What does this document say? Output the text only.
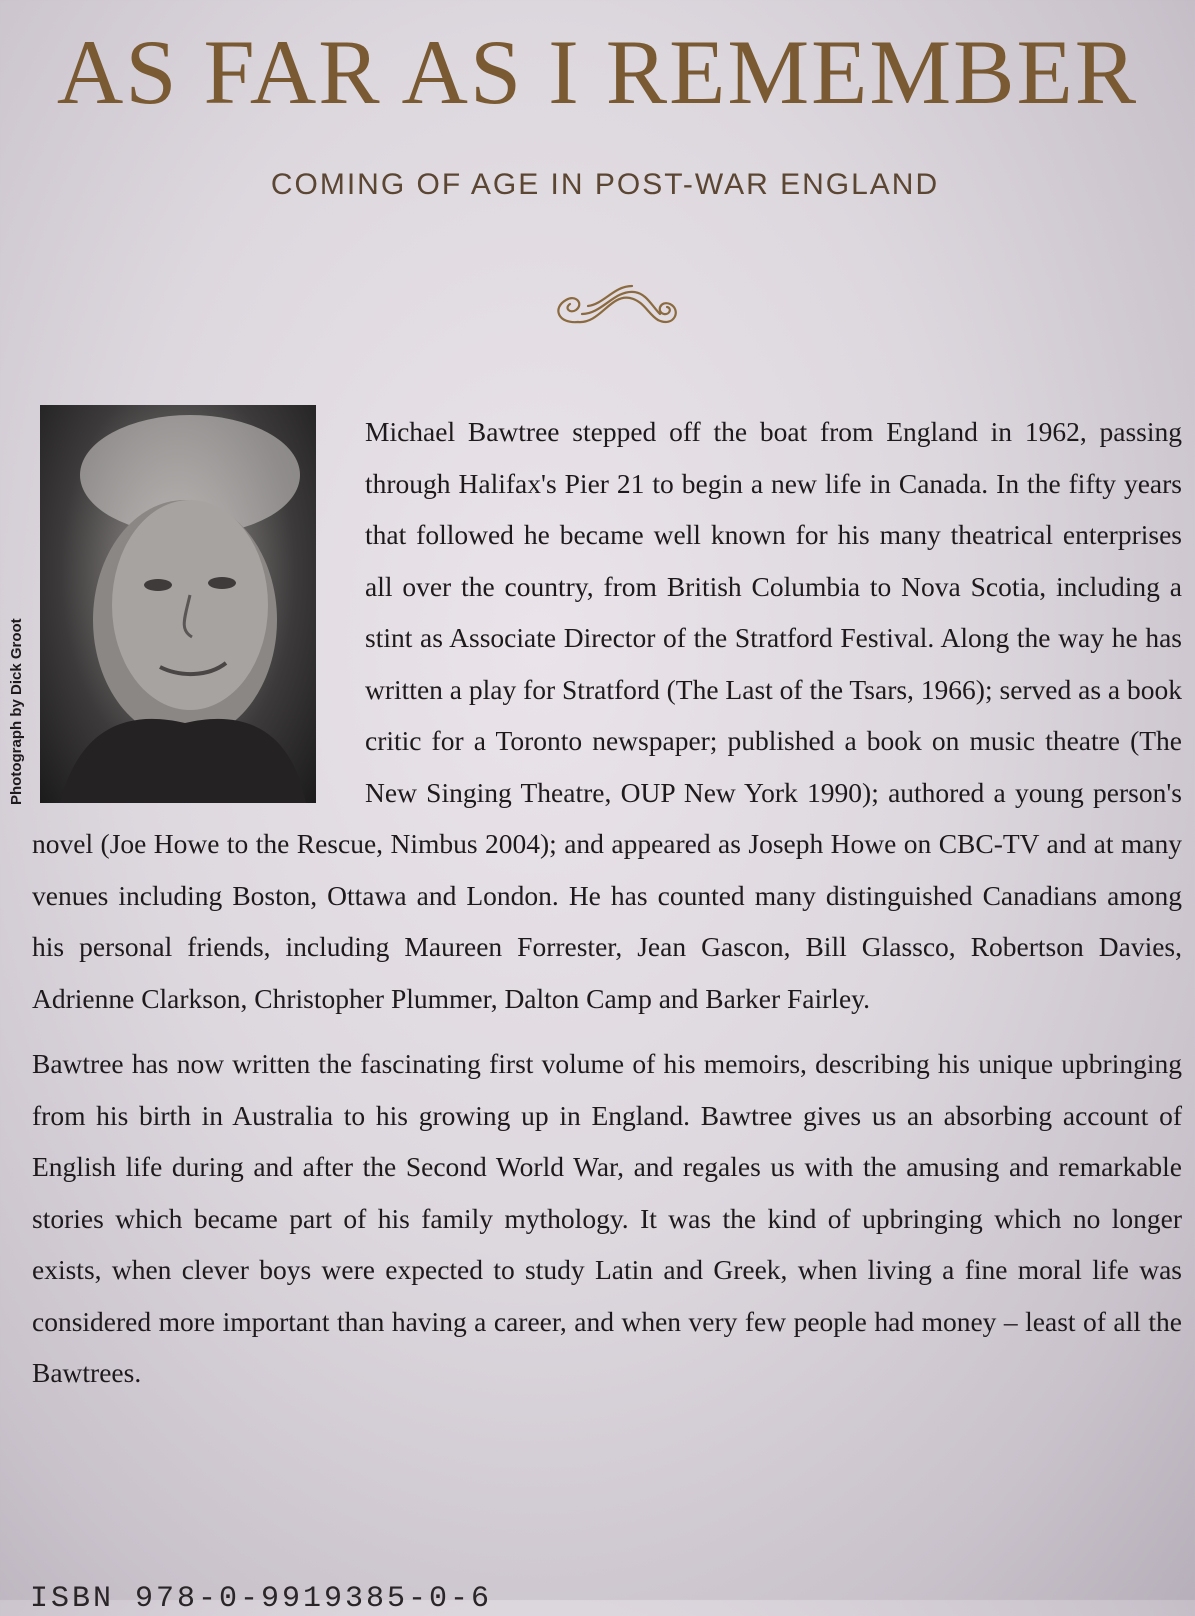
AS FAR AS I REMEMBER
COMING OF AGE IN POST-WAR ENGLAND
Photograph by Dick Groot

Michael Bawtree stepped off the boat from England in 1962, passing through Halifax's Pier 21 to begin a new life in Canada. In the fifty years that followed he became well known for his many theatrical enterprises all over the country, from British Columbia to Nova Scotia, including a stint as Associate Director of the Stratford Festival. Along the way he has written a play for Stratford (The Last of the Tsars, 1966); served as a book critic for a Toronto newspaper; published a book on music theatre (The New Singing Theatre, OUP New York 1990); authored a young person's novel (Joe Howe to the Rescue, Nimbus 2004); and appeared as Joseph Howe on CBC-TV and at many venues including Boston, Ottawa and London. He has counted many distinguished Canadians among his personal friends, including Maureen Forrester, Jean Gascon, Bill Glassco, Robertson Davies, Adrienne Clarkson, Christopher Plummer, Dalton Camp and Barker Fairley.

Bawtree has now written the fascinating first volume of his memoirs, describing his unique upbringing from his birth in Australia to his growing up in England. Bawtree gives us an absorbing account of English life during and after the Second World War, and regales us with the amusing and remarkable stories which became part of his family mythology. It was the kind of upbringing which no longer exists, when clever boys were expected to study Latin and Greek, when living a fine moral life was considered more important than having a career, and when very few people had money – least of all the Bawtrees.

ISBN 978-0-9919385-0-6
